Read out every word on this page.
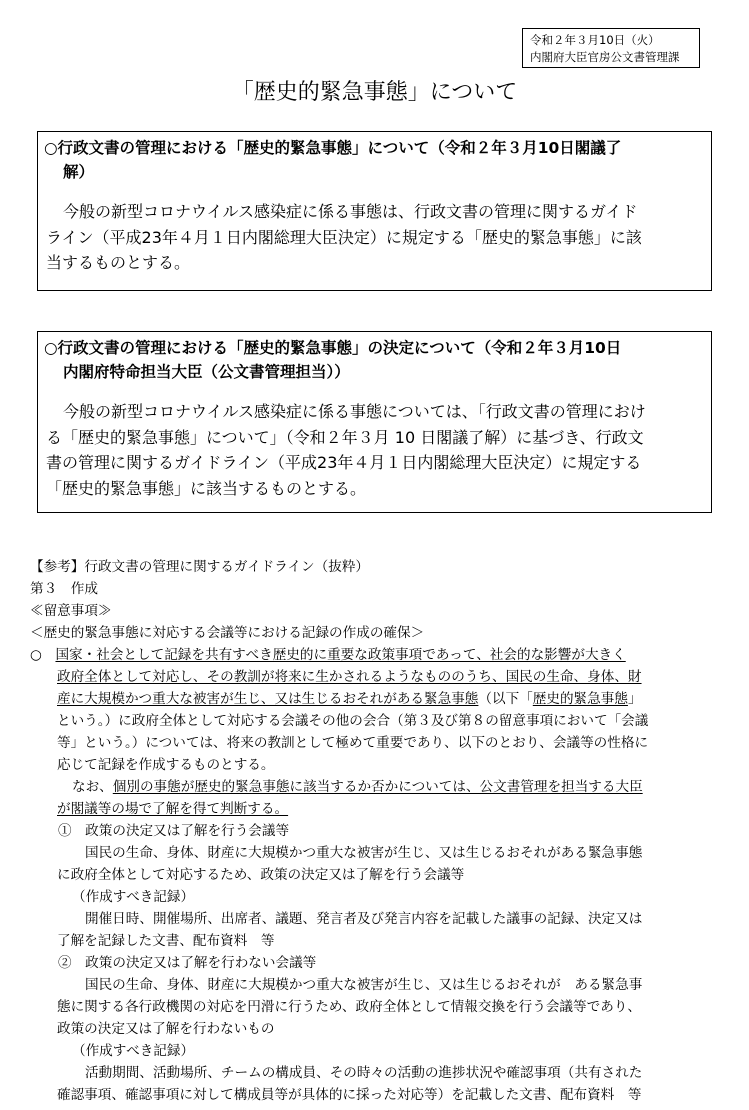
令和２年３月10日（火）
内閣府大臣官房公文書管理課
「歴史的緊急事態」について
○行政文書の管理における「歴史的緊急事態」について（令和２年３月10日閣議了
解）
今般の新型コロナウイルス感染症に係る事態は、行政文書の管理に関するガイド
ライン（平成23年４月１日内閣総理大臣決定）に規定する「歴史的緊急事態」に該
当するものとする。
○行政文書の管理における「歴史的緊急事態」の決定について（令和２年３月10日
内閣府特命担当大臣（公文書管理担当））
今般の新型コロナウイルス感染症に係る事態については、「行政文書の管理におけ
る「歴史的緊急事態」について」（令和２年３月 10 日閣議了解）に基づき、行政文
書の管理に関するガイドライン（平成23年４月１日内閣総理大臣決定）に規定する
「歴史的緊急事態」に該当するものとする。
【参考】行政文書の管理に関するガイドライン（抜粋）
第３　作成
≪留意事項≫
＜歴史的緊急事態に対応する会議等における記録の作成の確保＞
○　 国家・社会として記録を共有すべき歴史的に重要な政策事項であって、社会的な影響が大きく
政府全体として対応し、その教訓が将来に生かされるようなもののうち、国民の生命、身体、財
産に大規模かつ重大な被害が生じ、又は生じるおそれがある緊急事態（以下「歴史的緊急事態」
という。）に政府全体として対応する会議その他の会合（第３及び第８の留意事項において「会議
等」という。）については、将来の教訓として極めて重要であり、以下のとおり、会議等の性格に
応じて記録を作成するものとする。
なお、個別の事態が歴史的緊急事態に該当するか否かについては、公文書管理を担当する大臣
が閣議等の場で了解を得て判断する。
①　政策の決定又は了解を行う会議等
国民の生命、身体、財産に大規模かつ重大な被害が生じ、又は生じるおそれがある緊急事態
に政府全体として対応するため、政策の決定又は了解を行う会議等
（作成すべき記録）
開催日時、開催場所、出席者、議題、発言者及び発言内容を記載した議事の記録、決定又は
了解を記録した文書、配布資料　等
②　政策の決定又は了解を行わない会議等
国民の生命、身体、財産に大規模かつ重大な被害が生じ、又は生じるおそれが　ある緊急事
態に関する各行政機関の対応を円滑に行うため、政府全体として情報交換を行う会議等であり、
政策の決定又は了解を行わないもの
（作成すべき記録）
活動期間、活動場所、チームの構成員、その時々の活動の進捗状況や確認事項（共有された
確認事項、確認事項に対して構成員等が具体的に採った対応等）を記載した文書、配布資料　等
